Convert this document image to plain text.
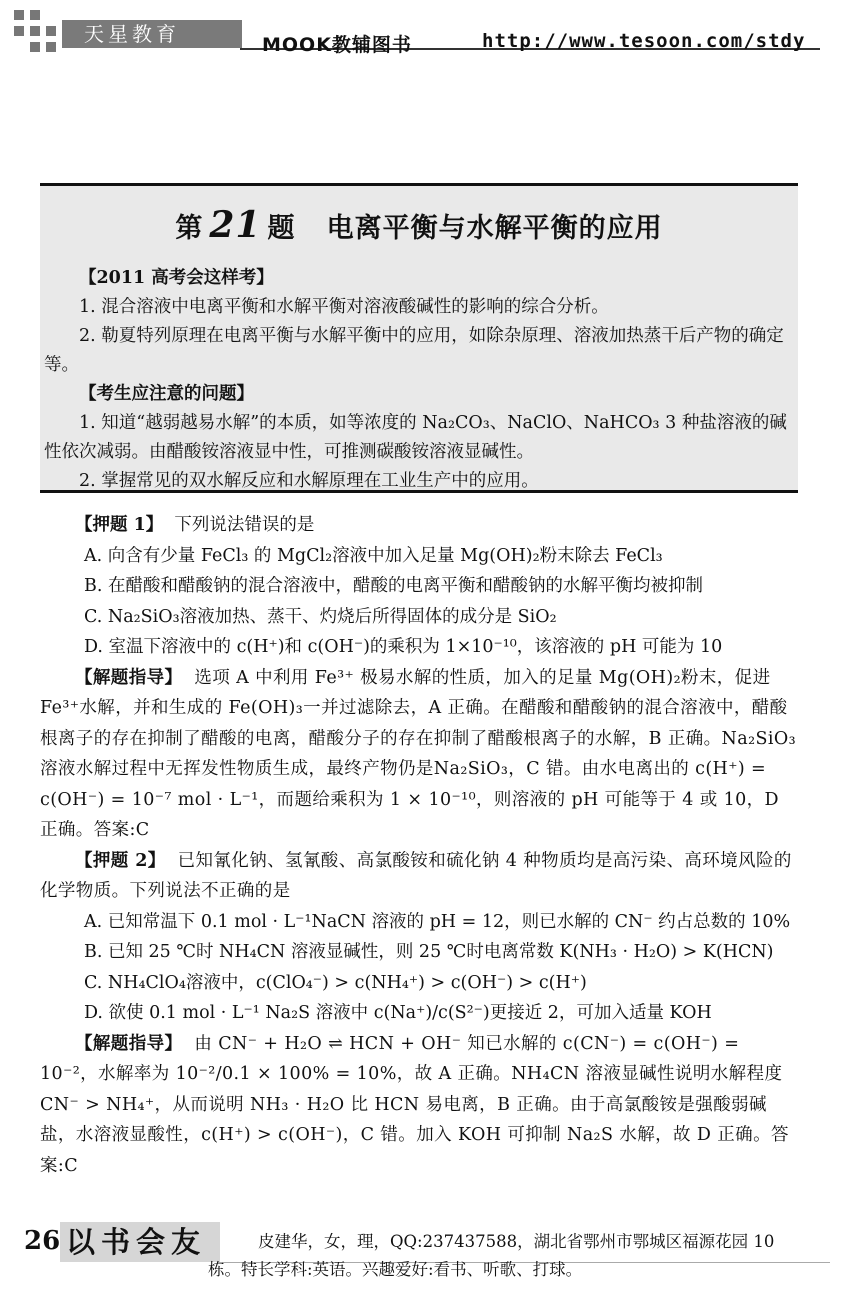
天星教育	MOOK教辅图书	http://www.tesoon.com/stdy
第 21 题 电离平衡与水解平衡的应用

【2011 高考会这样考】

1. 混合溶液中电离平衡和水解平衡对溶液酸碱性的影响的综合分析。

2. 勒夏特列原理在电离平衡与水解平衡中的应用，如除杂原理、溶液加热蒸干后产物的确定等。

【考生应注意的问题】

1. 知道“越弱越易水解”的本质，如等浓度的 Na₂CO₃、NaClO、NaHCO₃ 3 种盐溶液的碱性依次减弱。由醋酸铵溶液显中性，可推测碳酸铵溶液显碱性。

2. 掌握常见的双水解反应和水解原理在工业生产中的应用。

【押题 1】 下列说法错误的是

A. 向含有少量 FeCl₃ 的 MgCl₂溶液中加入足量 Mg(OH)₂粉末除去 FeCl₃

B. 在醋酸和醋酸钠的混合溶液中，醋酸的电离平衡和醋酸钠的水解平衡均被抑制

C. Na₂SiO₃溶液加热、蒸干、灼烧后所得固体的成分是 SiO₂

D. 室温下溶液中的 c(H⁺)和 c(OH⁻)的乘积为 1×10⁻¹⁰，该溶液的 pH 可能为 10

【解题指导】 选项 A 中利用 Fe³⁺ 极易水解的性质，加入的足量 Mg(OH)₂粉末，促进 Fe³⁺水解，并和生成的 Fe(OH)₃一并过滤除去，A 正确。在醋酸和醋酸钠的混合溶液中，醋酸根离子的存在抑制了醋酸的电离，醋酸分子的存在抑制了醋酸根离子的水解，B 正确。Na₂SiO₃溶液水解过程中无挥发性物质生成，最终产物仍是Na₂SiO₃，C 错。由水电离出的 c(H⁺) = c(OH⁻) = 10⁻⁷ mol · L⁻¹，而题给乘积为 1 × 10⁻¹⁰，则溶液的 pH 可能等于 4 或 10，D 正确。答案:C

【押题 2】 已知氰化钠、氢氰酸、高氯酸铵和硫化钠 4 种物质均是高污染、高环境风险的化学物质。下列说法不正确的是

A. 已知常温下 0.1 mol · L⁻¹NaCN 溶液的 pH = 12，则已水解的 CN⁻ 约占总数的 10%

B. 已知 25 ℃时 NH₄CN 溶液显碱性，则 25 ℃时电离常数 K(NH₃ · H₂O) > K(HCN)

C. NH₄ClO₄溶液中，c(ClO₄⁻) > c(NH₄⁺) > c(OH⁻) > c(H⁺)

D. 欲使 0.1 mol · L⁻¹ Na₂S 溶液中 c(Na⁺)/c(S²⁻)更接近 2，可加入适量 KOH

【解题指导】 由 CN⁻ + H₂O ⇌ HCN + OH⁻ 知已水解的 c(CN⁻) = c(OH⁻) = 10⁻²，水解率为 10⁻²/0.1 × 100% = 10%，故 A 正确。NH₄CN 溶液显碱性说明水解程度 CN⁻ > NH₄⁺，从而说明 NH₃ · H₂O 比 HCN 易电离，B 正确。由于高氯酸铵是强酸弱碱盐，水溶液显酸性，c(H⁺) > c(OH⁻)，C 错。加入 KOH 可抑制 Na₂S 水解，故 D 正确。答案:C

26 以书会友	皮建华，女，理，QQ:237437588，湖北省鄂州市鄂城区福源花园 10
栋。特长学科:英语。兴趣爱好:看书、听歌、打球。
